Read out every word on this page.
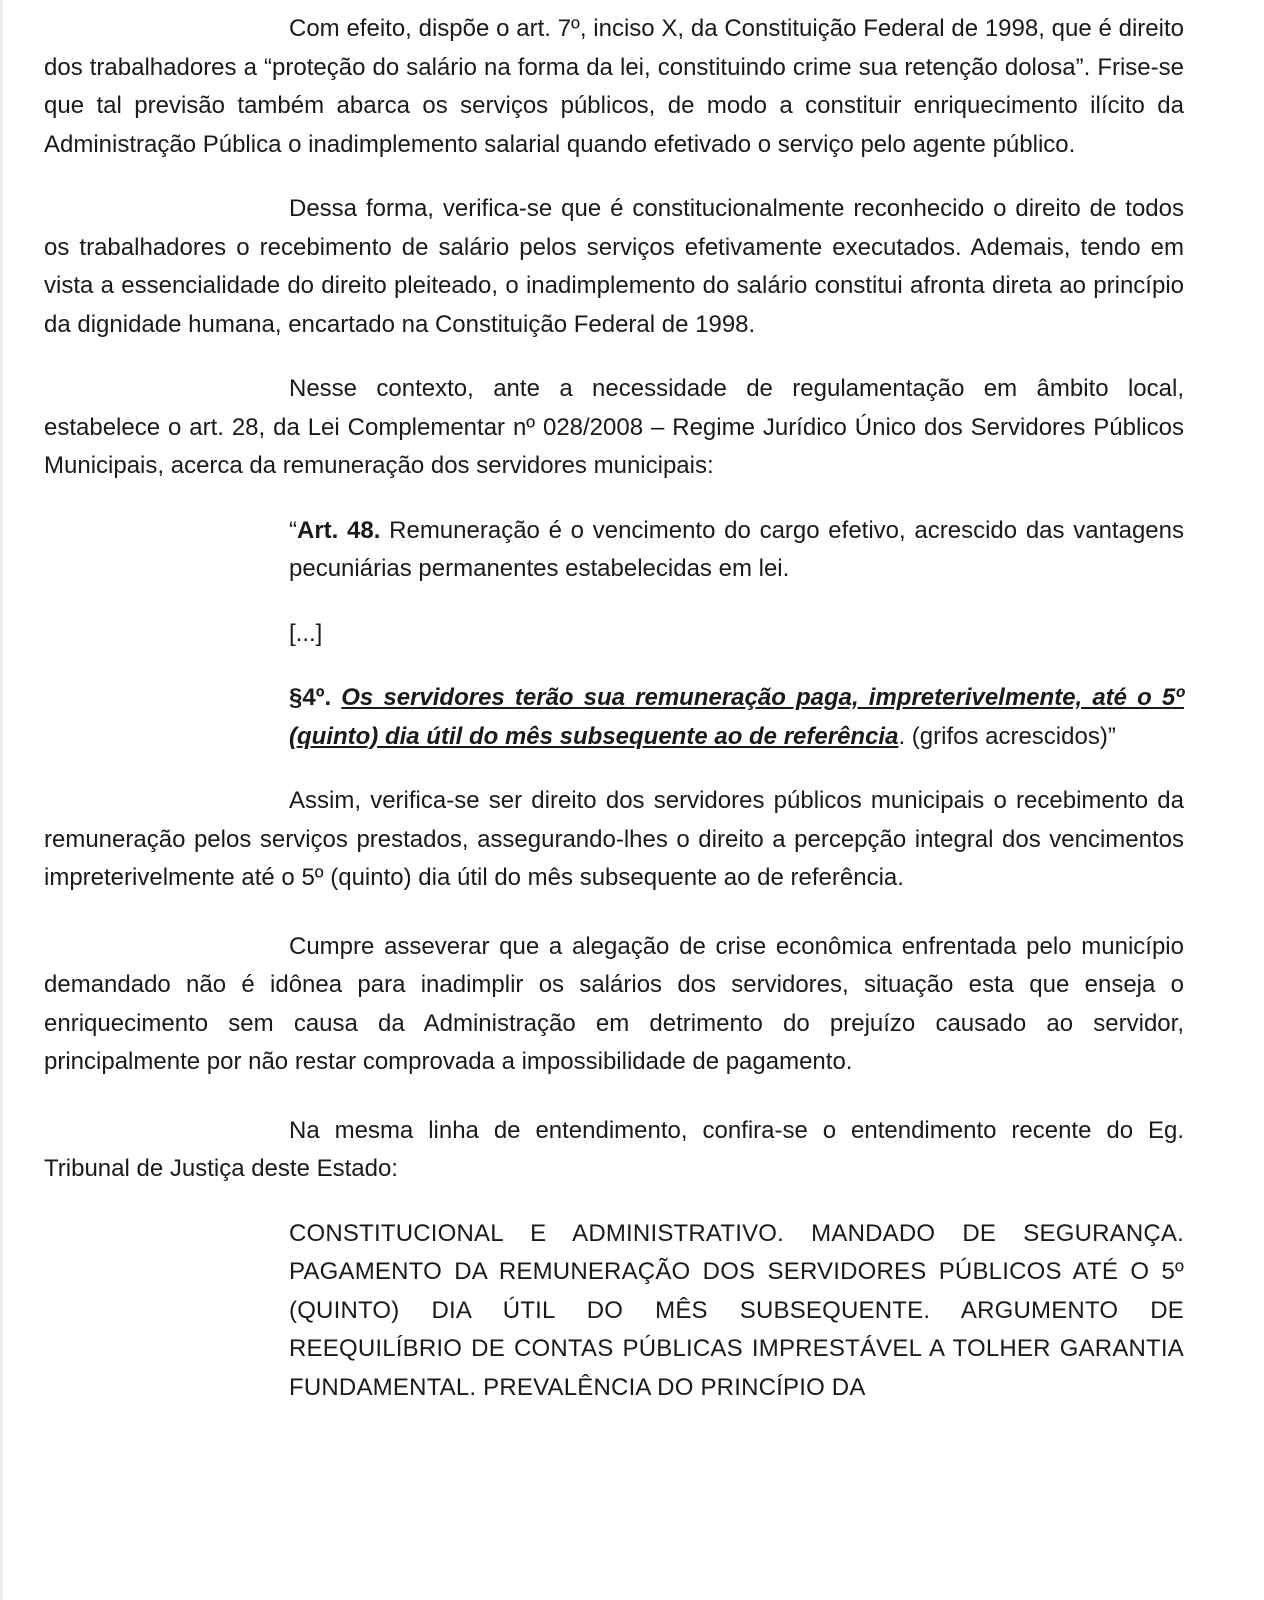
Com efeito, dispõe o art. 7º, inciso X, da Constituição Federal de 1998, que é direito dos trabalhadores a “proteção do salário na forma da lei, constituindo crime sua retenção dolosa”. Frise-se que tal previsão também abarca os serviços públicos, de modo a constituir enriquecimento ilícito da Administração Pública o inadimplemento salarial quando efetivado o serviço pelo agente público.

Dessa forma, verifica-se que é constitucionalmente reconhecido o direito de todos os trabalhadores o recebimento de salário pelos serviços efetivamente executados. Ademais, tendo em vista a essencialidade do direito pleiteado, o inadimplemento do salário constitui afronta direta ao princípio da dignidade humana, encartado na Constituição Federal de 1998.

Nesse contexto, ante a necessidade de regulamentação em âmbito local, estabelece o art. 28, da Lei Complementar nº 028/2008 – Regime Jurídico Único dos Servidores Públicos Municipais, acerca da remuneração dos servidores municipais:

“Art. 48. Remuneração é o vencimento do cargo efetivo, acrescido das vantagens pecuniárias permanentes estabelecidas em lei.

[...]

§4º. Os servidores terão sua remuneração paga, impreterivelmente, até o 5º (quinto) dia útil do mês subsequente ao de referência. (grifos acrescidos)”

Assim, verifica-se ser direito dos servidores públicos municipais o recebimento da remuneração pelos serviços prestados, assegurando-lhes o direito a percepção integral dos vencimentos impreterivelmente até o 5º (quinto) dia útil do mês subsequente ao de referência.

Cumpre asseverar que a alegação de crise econômica enfrentada pelo município demandado não é idônea para inadimplir os salários dos servidores, situação esta que enseja o enriquecimento sem causa da Administração em detrimento do prejuízo causado ao servidor, principalmente por não restar comprovada a impossibilidade de pagamento.

Na mesma linha de entendimento, confira-se o entendimento recente do Eg. Tribunal de Justiça deste Estado:

CONSTITUCIONAL E ADMINISTRATIVO. MANDADO DE SEGURANÇA. PAGAMENTO DA REMUNERAÇÃO DOS SERVIDORES PÚBLICOS ATÉ O 5º (QUINTO) DIA ÚTIL DO MÊS SUBSEQUENTE. ARGUMENTO DE REEQUILÍBRIO DE CONTAS PÚBLICAS IMPRESTÁVEL A TOLHER GARANTIA FUNDAMENTAL. PREVALÊNCIA DO PRINCÍPIO DA
